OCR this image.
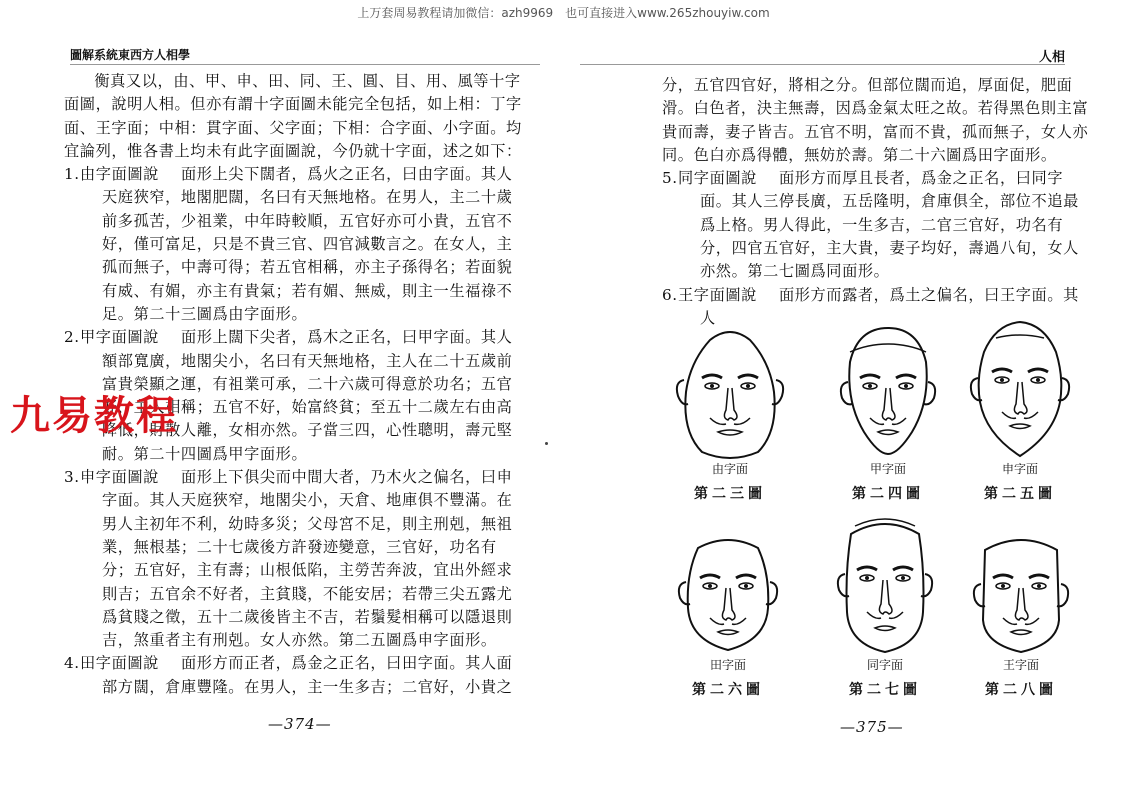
上万套周易教程请加微信：azh9969　也可直接进入www.265zhouyiw.com
圖解系統東西方人相學

衡真又以，由、甲、申、田、同、王、圓、目、用、風等十字面圖，說明人相。但亦有謂十字面圖未能完全包括，如上相：丁字面、王字面；中相：貫字面、父字面；下相：合字面、小字面。均宜論列，惟各書上均未有此字面圖說，今仍就十字面，述之如下：

1.由字面圖說 面形上尖下闊者，爲火之正名，曰由字面。其人天庭狹窄，地閣肥闊，名曰有天無地格。在男人，主二十歲前多孤苦，少祖業，中年時較順，五官好亦可小貴，五官不好，僅可富足，只是不貴三官、四官減數言之。在女人，主孤而無子，中壽可得；若五官相稱，亦主子孫得名；若面貌有威、有媚，亦主有貴氣；若有媚、無威，則主一生福祿不足。第二十三圖爲由字面形。

2.甲字面圖說 面形上闊下尖者，爲木之正名，曰甲字面。其人額部寬廣，地閣尖小，名曰有天無地格，主人在二十五歲前富貴榮顯之運，有祖業可承，二十六歲可得意於功名；五官好，主人相稱；五官不好，始富終貧；至五十二歲左右由高降低，財散人離，女相亦然。子當三四，心性聰明，壽元堅耐。第二十四圖爲甲字面形。

3.申字面圖說 面形上下俱尖而中間大者，乃木火之偏名，曰申字面。其人天庭狹窄，地閣尖小，天倉、地庫俱不豐滿。在男人主初年不利，幼時多災；父母宮不足，則主刑剋，無祖業，無根基；二十七歲後方許發迹變意，三官好，功名有分；五官好，主有壽；山根低陷，主勞苦奔波，宜出外經求則吉；五官余不好者，主貧賤，不能安居；若帶三尖五露尤爲貧賤之徵，五十二歲後皆主不吉，若鬚髮相稱可以隱退則吉，煞重者主有刑剋。女人亦然。第二五圖爲申字面形。

4.田字面圖說 面形方而正者，爲金之正名，曰田字面。其人面部方闊，倉庫豐隆。在男人，主一生多吉；二官好，小貴之

—374—
九易教程
人相

分，五官四官好，將相之分。但部位闊而追，厚面促，肥面滑。白色者，決主無壽，因爲金氣太旺之故。若得黑色則主富貴而壽，妻子皆吉。五官不明，富而不貴，孤而無子，女人亦同。色白亦爲得體，無妨於壽。第二十六圖爲田字面形。

5.同字面圖說 面形方而厚且長者，爲金之正名，曰同字面。其人三停長廣，五岳隆明，倉庫俱全，部位不追最爲上格。男人得此，一生多吉，二官三官好，功名有分，四官五官好，主大貴，妻子均好，壽過八旬，女人亦然。第二七圖爲同面形。

6.王字面圖說 面形方而露者，爲土之偏名，曰王字面。其人

由字面
第二三圖
甲字面
第二四圖
申字面
第二五圖
田字面
第二六圖
同字面
第二七圖
王字面
第二八圖
—375—
